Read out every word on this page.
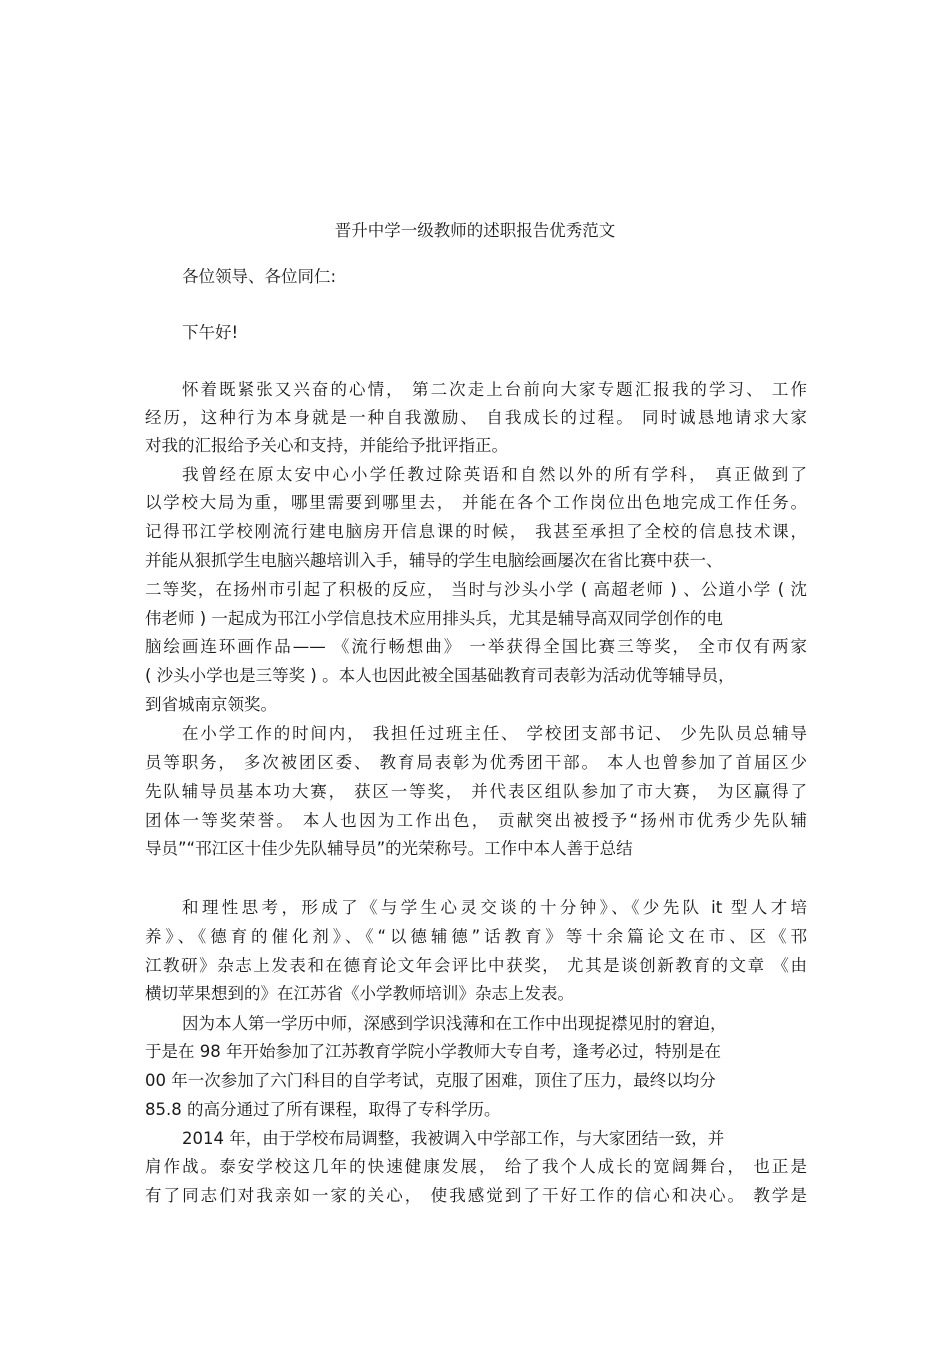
晋升中学一级教师的述职报告优秀范文
各位领导、各位同仁:
下午好!
怀着既紧张又兴奋的心情， 第二次走上台前向大家专题汇报我的学习、 工作
经历，这种行为本身就是一种自我激励、 自我成长的过程。 同时诚恳地请求大家
对我的汇报给予关心和支持，并能给予批评指正。
我曾经在原太安中心小学任教过除英语和自然以外的所有学科， 真正做到了
以学校大局为重，哪里需要到哪里去， 并能在各个工作岗位出色地完成工作任务。
记得邗江学校刚流行建电脑房开信息课的时候， 我甚至承担了全校的信息技术课，
并能从狠抓学生电脑兴趣培训入手，辅导的学生电脑绘画屡次在省比赛中获一、
二等奖，在扬州市引起了积极的反应， 当时与沙头小学 ( 高超老师 ) 、公道小学 ( 沈
伟老师 ) 一起成为邗江小学信息技术应用排头兵，尤其是辅导高双同学创作的电
脑绘画连环画作品—— 《流行畅想曲》 一举获得全国比赛三等奖， 全市仅有两家
( 沙头小学也是三等奖 ) 。本人也因此被全国基础教育司表彰为活动优等辅导员，
到省城南京领奖。
在小学工作的时间内， 我担任过班主任、 学校团支部书记、 少先队员总辅导
员等职务， 多次被团区委、 教育局表彰为优秀团干部。 本人也曾参加了首届区少
先队辅导员基本功大赛， 获区一等奖， 并代表区组队参加了市大赛， 为区赢得了
团体一等奖荣誉。 本人也因为工作出色， 贡献突出被授予“扬州市优秀少先队辅
导员”“邗江区十佳少先队辅导员”的光荣称号。工作中本人善于总结
和理性思考，形成了《与学生心灵交谈的十分钟》、《少先队 it 型人才培
养》、《德育的催化剂》、《“以德辅德”话教育》等十余篇论文在市、区《邗
江教研》杂志上发表和在德育论文年会评比中获奖， 尤其是谈创新教育的文章 《由
横切苹果想到的》在江苏省《小学教师培训》杂志上发表。
因为本人第一学历中师，深感到学识浅薄和在工作中出现捉襟见肘的窘迫，
于是在 98 年开始参加了江苏教育学院小学教师大专自考，逢考必过，特别是在
00 年一次参加了六门科目的自学考试，克服了困难，顶住了压力，最终以均分
85.8 的高分通过了所有课程，取得了专科学历。
2014 年，由于学校布局调整，我被调入中学部工作，与大家团结一致，并
肩作战。泰安学校这几年的快速健康发展， 给了我个人成长的宽阔舞台， 也正是
有了同志们对我亲如一家的关心， 使我感觉到了干好工作的信心和决心。 教学是
